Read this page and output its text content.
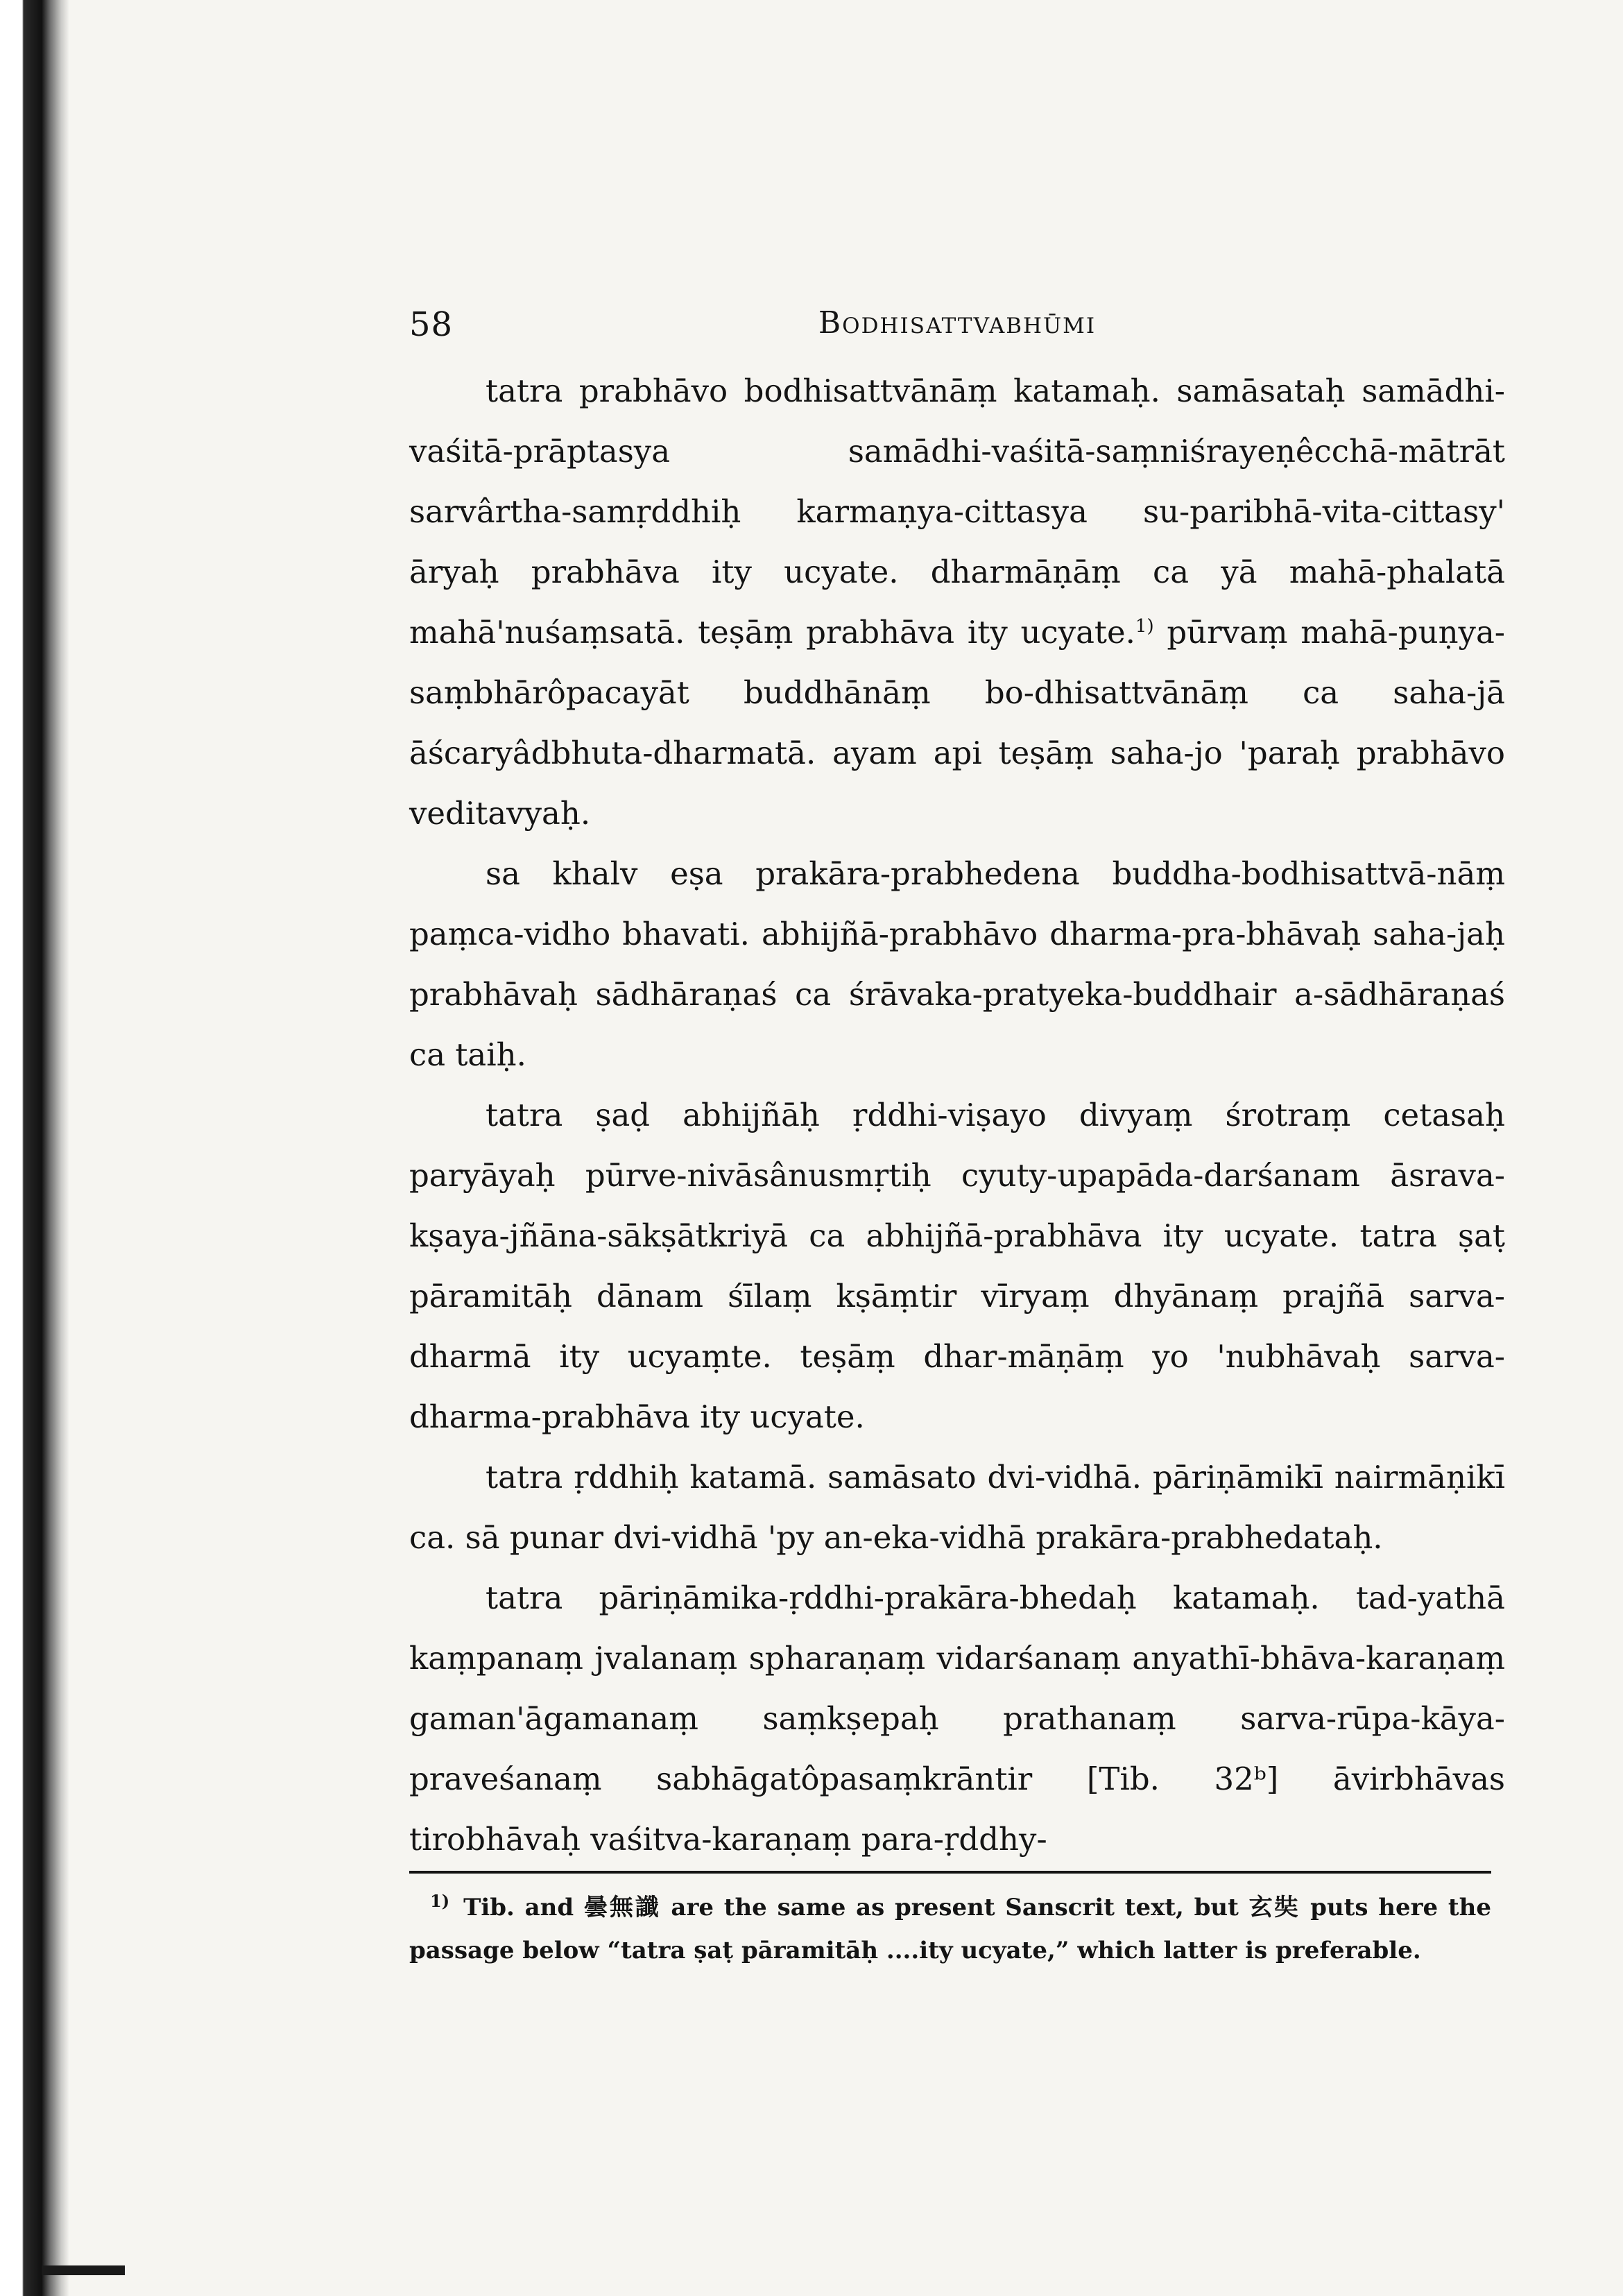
58	Bodhisattvabhūmi

tatra prabhāvo bodhisattvānāṃ katamaḥ. samāsataḥ samādhi-vaśitā-prāptasya samādhi-vaśitā-saṃniśrayeṇêcchā-mātrāt sarvârtha-samṛddhiḥ karmaṇya-cittasya su-paribhā-vita-cittasy' āryaḥ prabhāva ity ucyate. dharmāṇāṃ ca yā mahā-phalatā mahā'nuśaṃsatā. teṣāṃ prabhāva ity ucyate.$^{1)}$ pūrvaṃ mahā-puṇya-saṃbhārôpacayāt buddhānāṃ bo-dhisattvānāṃ ca saha-jā āścaryâdbhuta-dharmatā. ayam api teṣāṃ saha-jo 'paraḥ prabhāvo veditavyaḥ.

sa khalv eṣa prakāra-prabhedena buddha-bodhisattvā-nāṃ paṃca-vidho bhavati. abhijñā-prabhāvo dharma-pra-bhāvaḥ saha-jaḥ prabhāvaḥ sādhāraṇaś ca śrāvaka-pratyeka-buddhair a-sādhāraṇaś ca taiḥ.

tatra ṣaḍ abhijñāḥ ṛddhi-viṣayo divyaṃ śrotraṃ cetasaḥ paryāyaḥ pūrve-nivāsânusmṛtiḥ cyuty-upapāda-darśanam āsrava-kṣaya-jñāna-sākṣātkriyā ca abhijñā-prabhāva ity ucyate. tatra ṣaṭ pāramitāḥ dānam śīlaṃ kṣāṃtir vīryaṃ dhyānaṃ prajñā sarva-dharmā ity ucyaṃte. teṣāṃ dhar-māṇāṃ yo 'nubhāvaḥ sarva-dharma-prabhāva ity ucyate.

tatra ṛddhiḥ katamā. samāsato dvi-vidhā. pāriṇāmikī nairmāṇikī ca. sā punar dvi-vidhā 'py an-eka-vidhā prakāra-prabhedataḥ.

tatra pāriṇāmika-ṛddhi-prakāra-bhedaḥ katamaḥ. tad-yathā kaṃpanaṃ jvalanaṃ spharaṇaṃ vidarśanaṃ anyathī-bhāva-karaṇaṃ gaman'āgamanaṃ saṃkṣepaḥ prathanaṃ sarva-rūpa-kāya-praveśanaṃ sabhāgatôpasaṃkrāntir [Tib. 32ᵇ] āvirbhāvas tirobhāvaḥ vaśitva-karaṇaṃ para-ṛddhy-

$^{1)}$ Tib. and 曇無讖 are the same as present Sanscrit text, but 玄奘 puts here the passage below “tatra ṣaṭ pāramitāḥ ....ity ucyate,” which latter is preferable.
